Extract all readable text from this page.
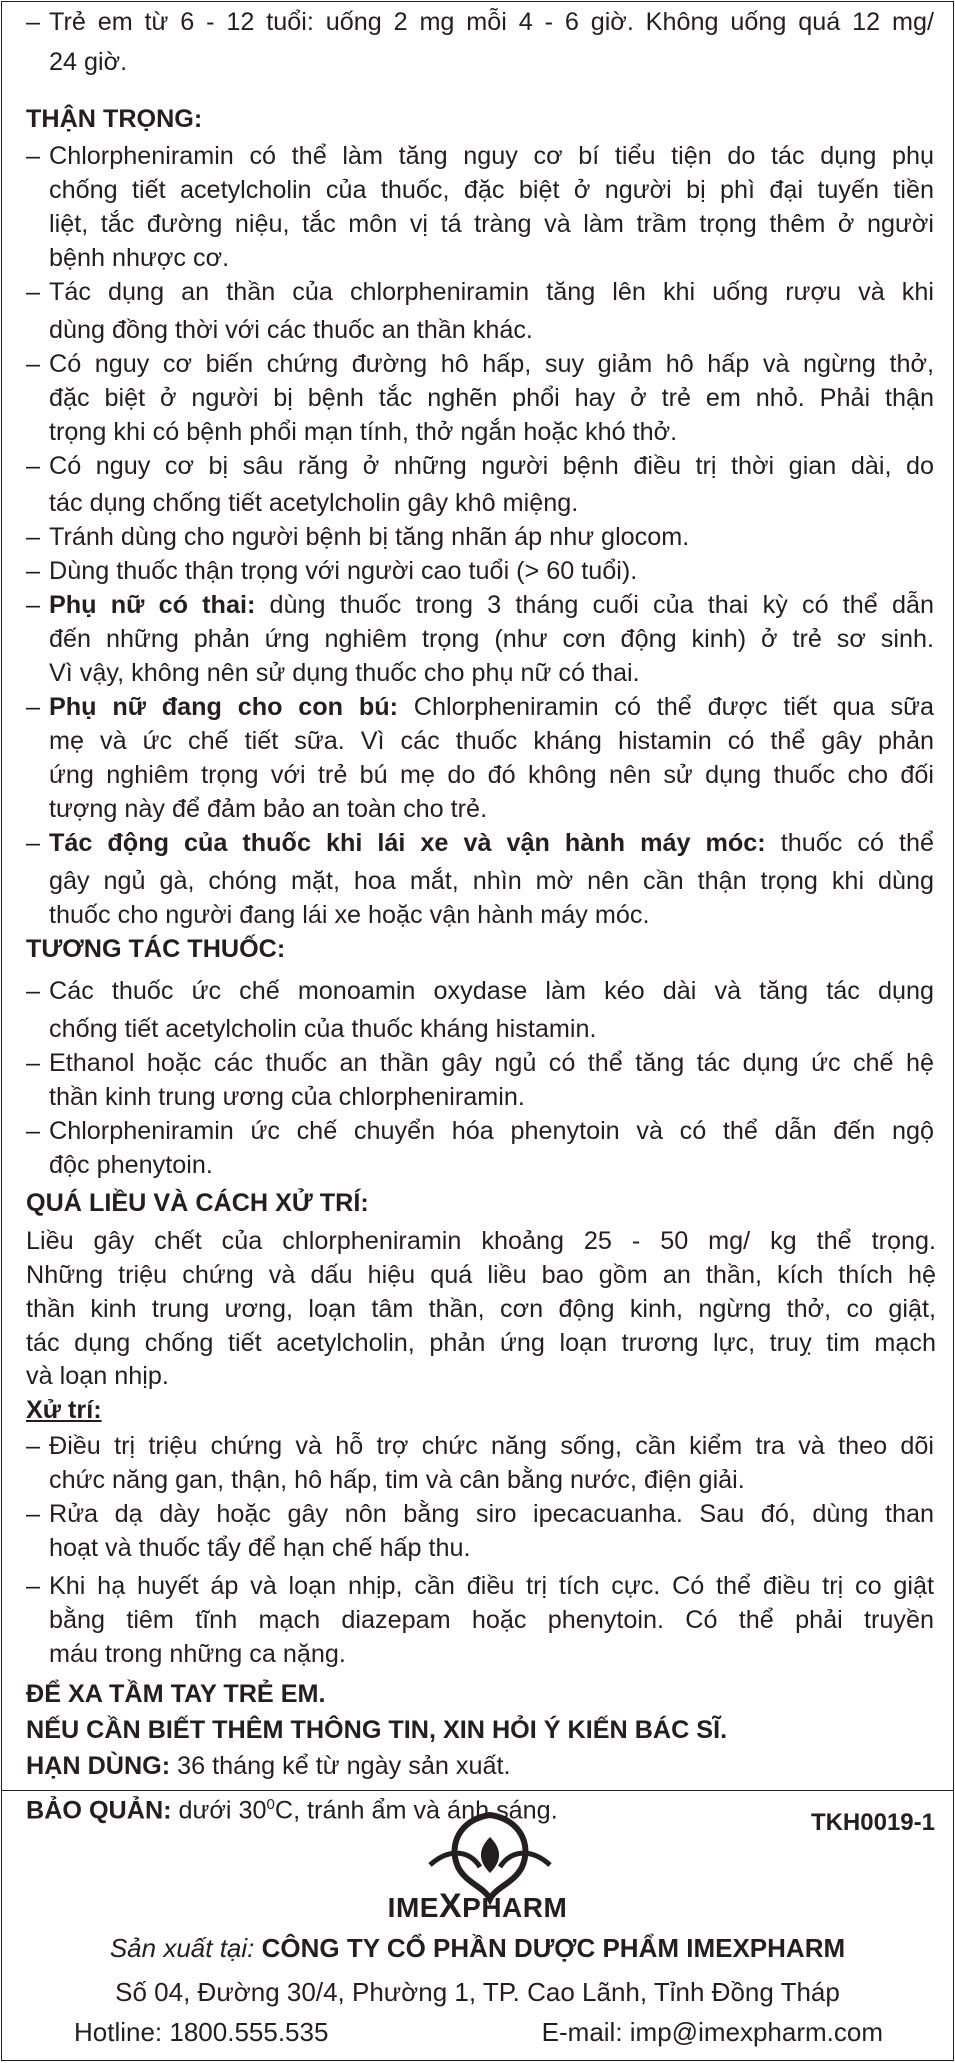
– Trẻ em từ 6 - 12 tuổi: uống 2 mg mỗi 4 - 6 giờ. Không uống quá 12 mg/
24 giờ.
THẬN TRỌNG:
– Chlorpheniramin có thể làm tăng nguy cơ bí tiểu tiện do tác dụng phụ
chống tiết acetylcholin của thuốc, đặc biệt ở người bị phì đại tuyến tiền
liệt, tắc đường niệu, tắc môn vị tá tràng và làm trầm trọng thêm ở người
bệnh nhược cơ.
– Tác dụng an thần của chlorpheniramin tăng lên khi uống rượu và khi
dùng đồng thời với các thuốc an thần khác.
– Có nguy cơ biến chứng đường hô hấp, suy giảm hô hấp và ngừng thở,
đặc biệt ở người bị bệnh tắc nghẽn phổi hay ở trẻ em nhỏ. Phải thận
trọng khi có bệnh phổi mạn tính, thở ngắn hoặc khó thở.
– Có nguy cơ bị sâu răng ở những người bệnh điều trị thời gian dài, do
tác dụng chống tiết acetylcholin gây khô miệng.
– Tránh dùng cho người bệnh bị tăng nhãn áp như glocom.
– Dùng thuốc thận trọng với người cao tuổi (> 60 tuổi).
– Phụ nữ có thai: dùng thuốc trong 3 tháng cuối của thai kỳ có thể dẫn
đến những phản ứng nghiêm trọng (như cơn động kinh) ở trẻ sơ sinh.
Vì vậy, không nên sử dụng thuốc cho phụ nữ có thai.
– Phụ nữ đang cho con bú: Chlorpheniramin có thể được tiết qua sữa
mẹ và ức chế tiết sữa. Vì các thuốc kháng histamin có thể gây phản
ứng nghiêm trọng với trẻ bú mẹ do đó không nên sử dụng thuốc cho đối
tượng này để đảm bảo an toàn cho trẻ.
– Tác động của thuốc khi lái xe và vận hành máy móc: thuốc có thể
gây ngủ gà, chóng mặt, hoa mắt, nhìn mờ nên cần thận trọng khi dùng
thuốc cho người đang lái xe hoặc vận hành máy móc.
TƯƠNG TÁC THUỐC:
– Các thuốc ức chế monoamin oxydase làm kéo dài và tăng tác dụng
chống tiết acetylcholin của thuốc kháng histamin.
– Ethanol hoặc các thuốc an thần gây ngủ có thể tăng tác dụng ức chế hệ
thần kinh trung ương của chlorpheniramin.
– Chlorpheniramin ức chế chuyển hóa phenytoin và có thể dẫn đến ngộ
độc phenytoin.
QUÁ LIỀU VÀ CÁCH XỬ TRÍ:
Liều gây chết của chlorpheniramin khoảng 25 - 50 mg/ kg thể trọng.
Những triệu chứng và dấu hiệu quá liều bao gồm an thần, kích thích hệ
thần kinh trung ương, loạn tâm thần, cơn động kinh, ngừng thở, co giật,
tác dụng chống tiết acetylcholin, phản ứng loạn trương lực, truỵ tim mạch
và loạn nhịp.
Xử trí:
– Điều trị triệu chứng và hỗ trợ chức năng sống, cần kiểm tra và theo dõi
chức năng gan, thận, hô hấp, tim và cân bằng nước, điện giải.
– Rửa dạ dày hoặc gây nôn bằng siro ipecacuanha. Sau đó, dùng than
hoạt và thuốc tẩy để hạn chế hấp thu.
– Khi hạ huyết áp và loạn nhịp, cần điều trị tích cực. Có thể điều trị co giật
bằng tiêm tĩnh mạch diazepam hoặc phenytoin. Có thể phải truyền
máu trong những ca nặng.
ĐỂ XA TẦM TAY TRẺ EM.
NẾU CẦN BIẾT THÊM THÔNG TIN, XIN HỎI Ý KIẾN BÁC SĨ.
HẠN DÙNG: 36 tháng kể từ ngày sản xuất.
BẢO QUẢN: dưới $30^0C$, tránh ẩm và ánh sáng.	TKH0019-1
IMEXPHARM
Sản xuất tại: CÔNG TY CỔ PHẦN DƯỢC PHẨM IMEXPHARM
Số 04, Đường 30/4, Phường 1, TP. Cao Lãnh, Tỉnh Đồng Tháp
Hotline: 1800.555.535	E-mail: imp@imexpharm.com
